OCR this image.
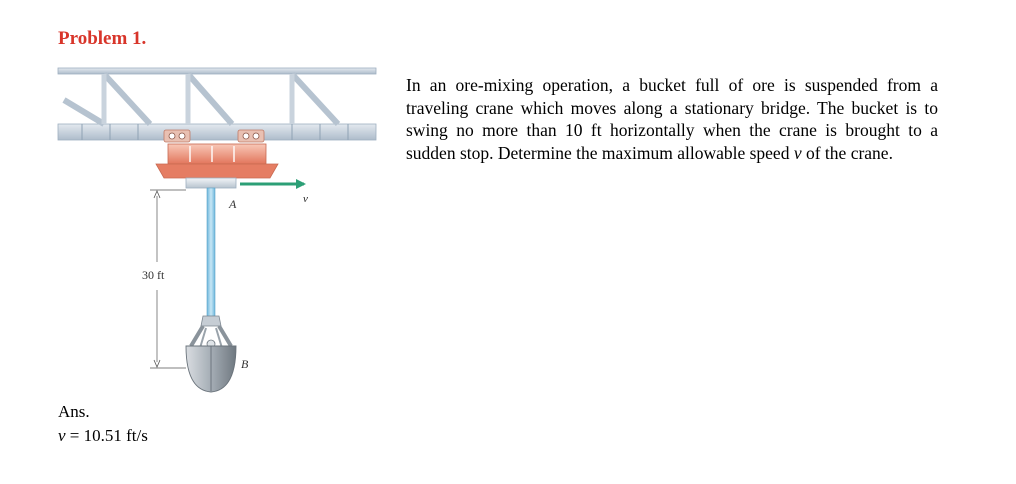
Problem 1.

In an ore-mixing operation, a bucket full of ore is suspended from a traveling crane which moves along a stationary bridge. The bucket is to swing no more than 10 ft horizontally when the crane is brought to a sudden stop. Determine the maximum allowable speed v of the crane.

v
30 ft
A
B
Ans.
v = 10.51 ft/s
